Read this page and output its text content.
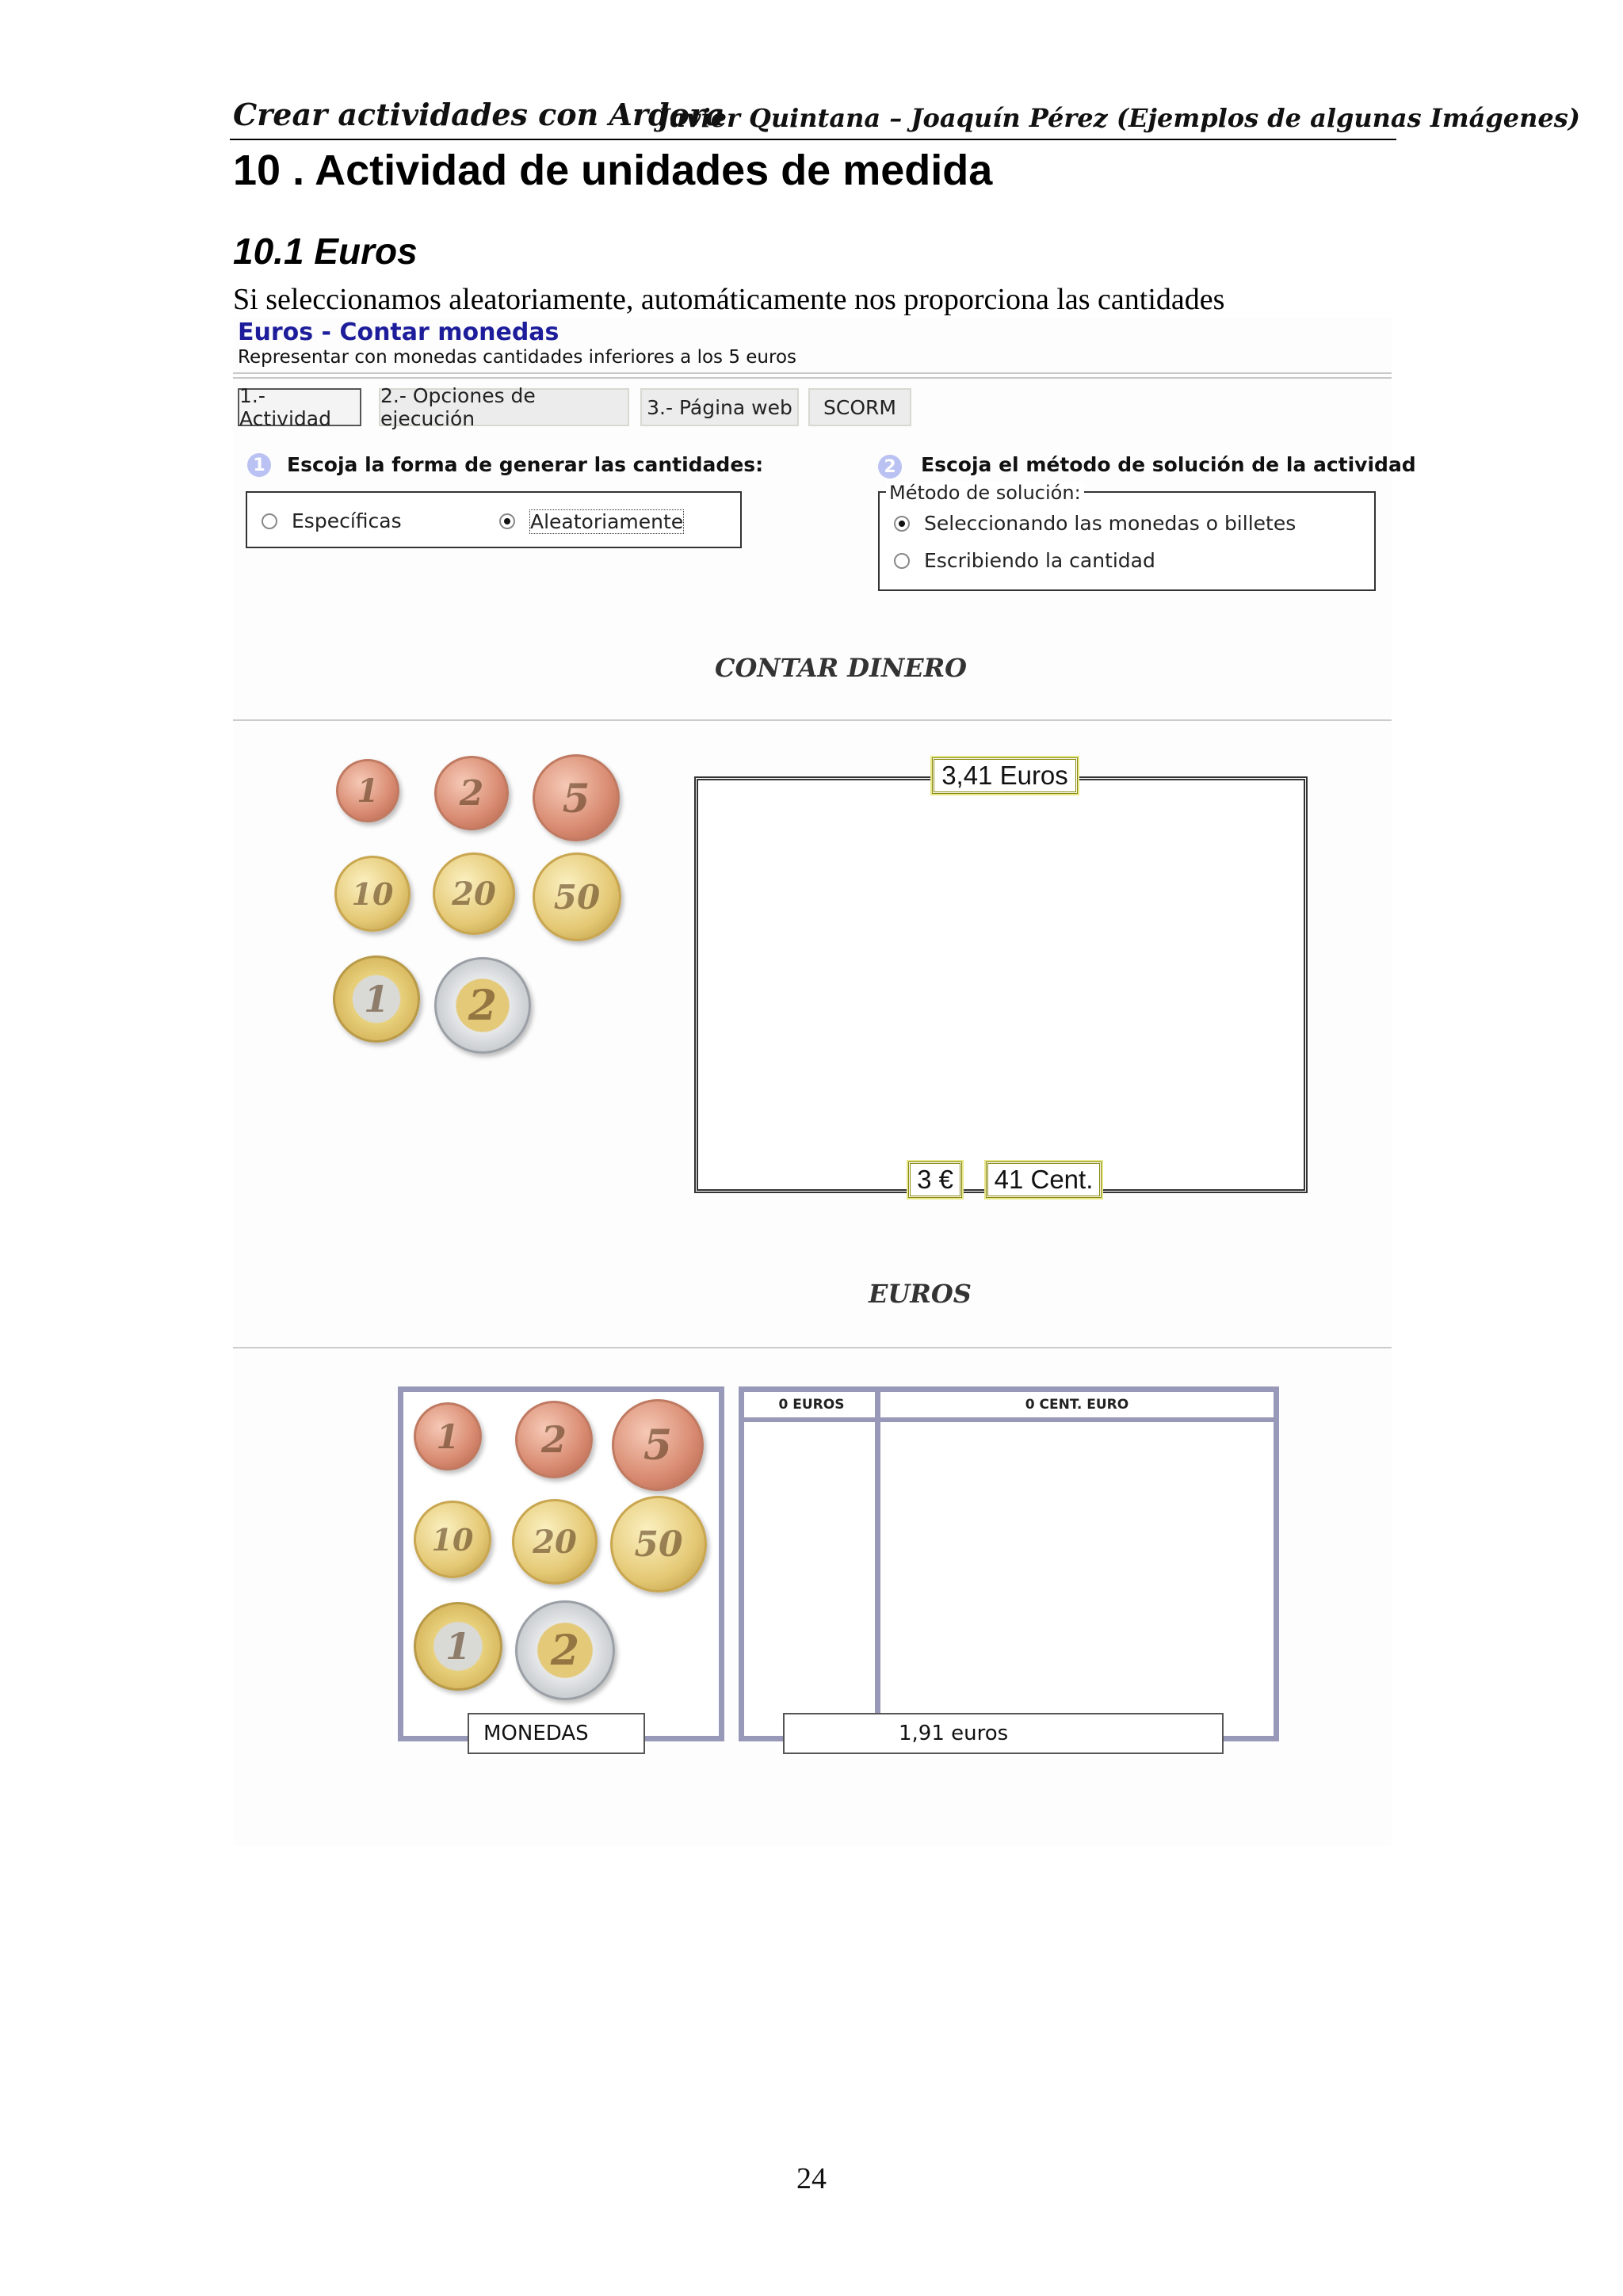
Crear actividades con Ardora
Javier Quintana – Joaquín Pérez (Ejemplos de algunas Imágenes)
10 . Actividad de unidades de medida
10.1 Euros
Si seleccionamos aleatoriamente, automáticamente nos proporciona las cantidades
Euros - Contar monedas
Representar con monedas cantidades inferiores a los 5 euros
1.- Actividad
2.- Opciones de ejecución	3.- Página web	SCORM
1 Escoja la forma de generar las cantidades:
Específicas	Aleatoriamente
2 Escoja el método de solución de la actividad
Método de solución:
Seleccionando las monedas o billetes
Escribiendo la cantidad
CONTAR DINERO
1	2	5
10	20	50
1	2
3,41 Euros
3 €	41 Cent.
EUROS
1	2	5
10	20	50
1	2
MONEDAS
0 EUROS	0 CENT. EURO
1,91 euros
24
